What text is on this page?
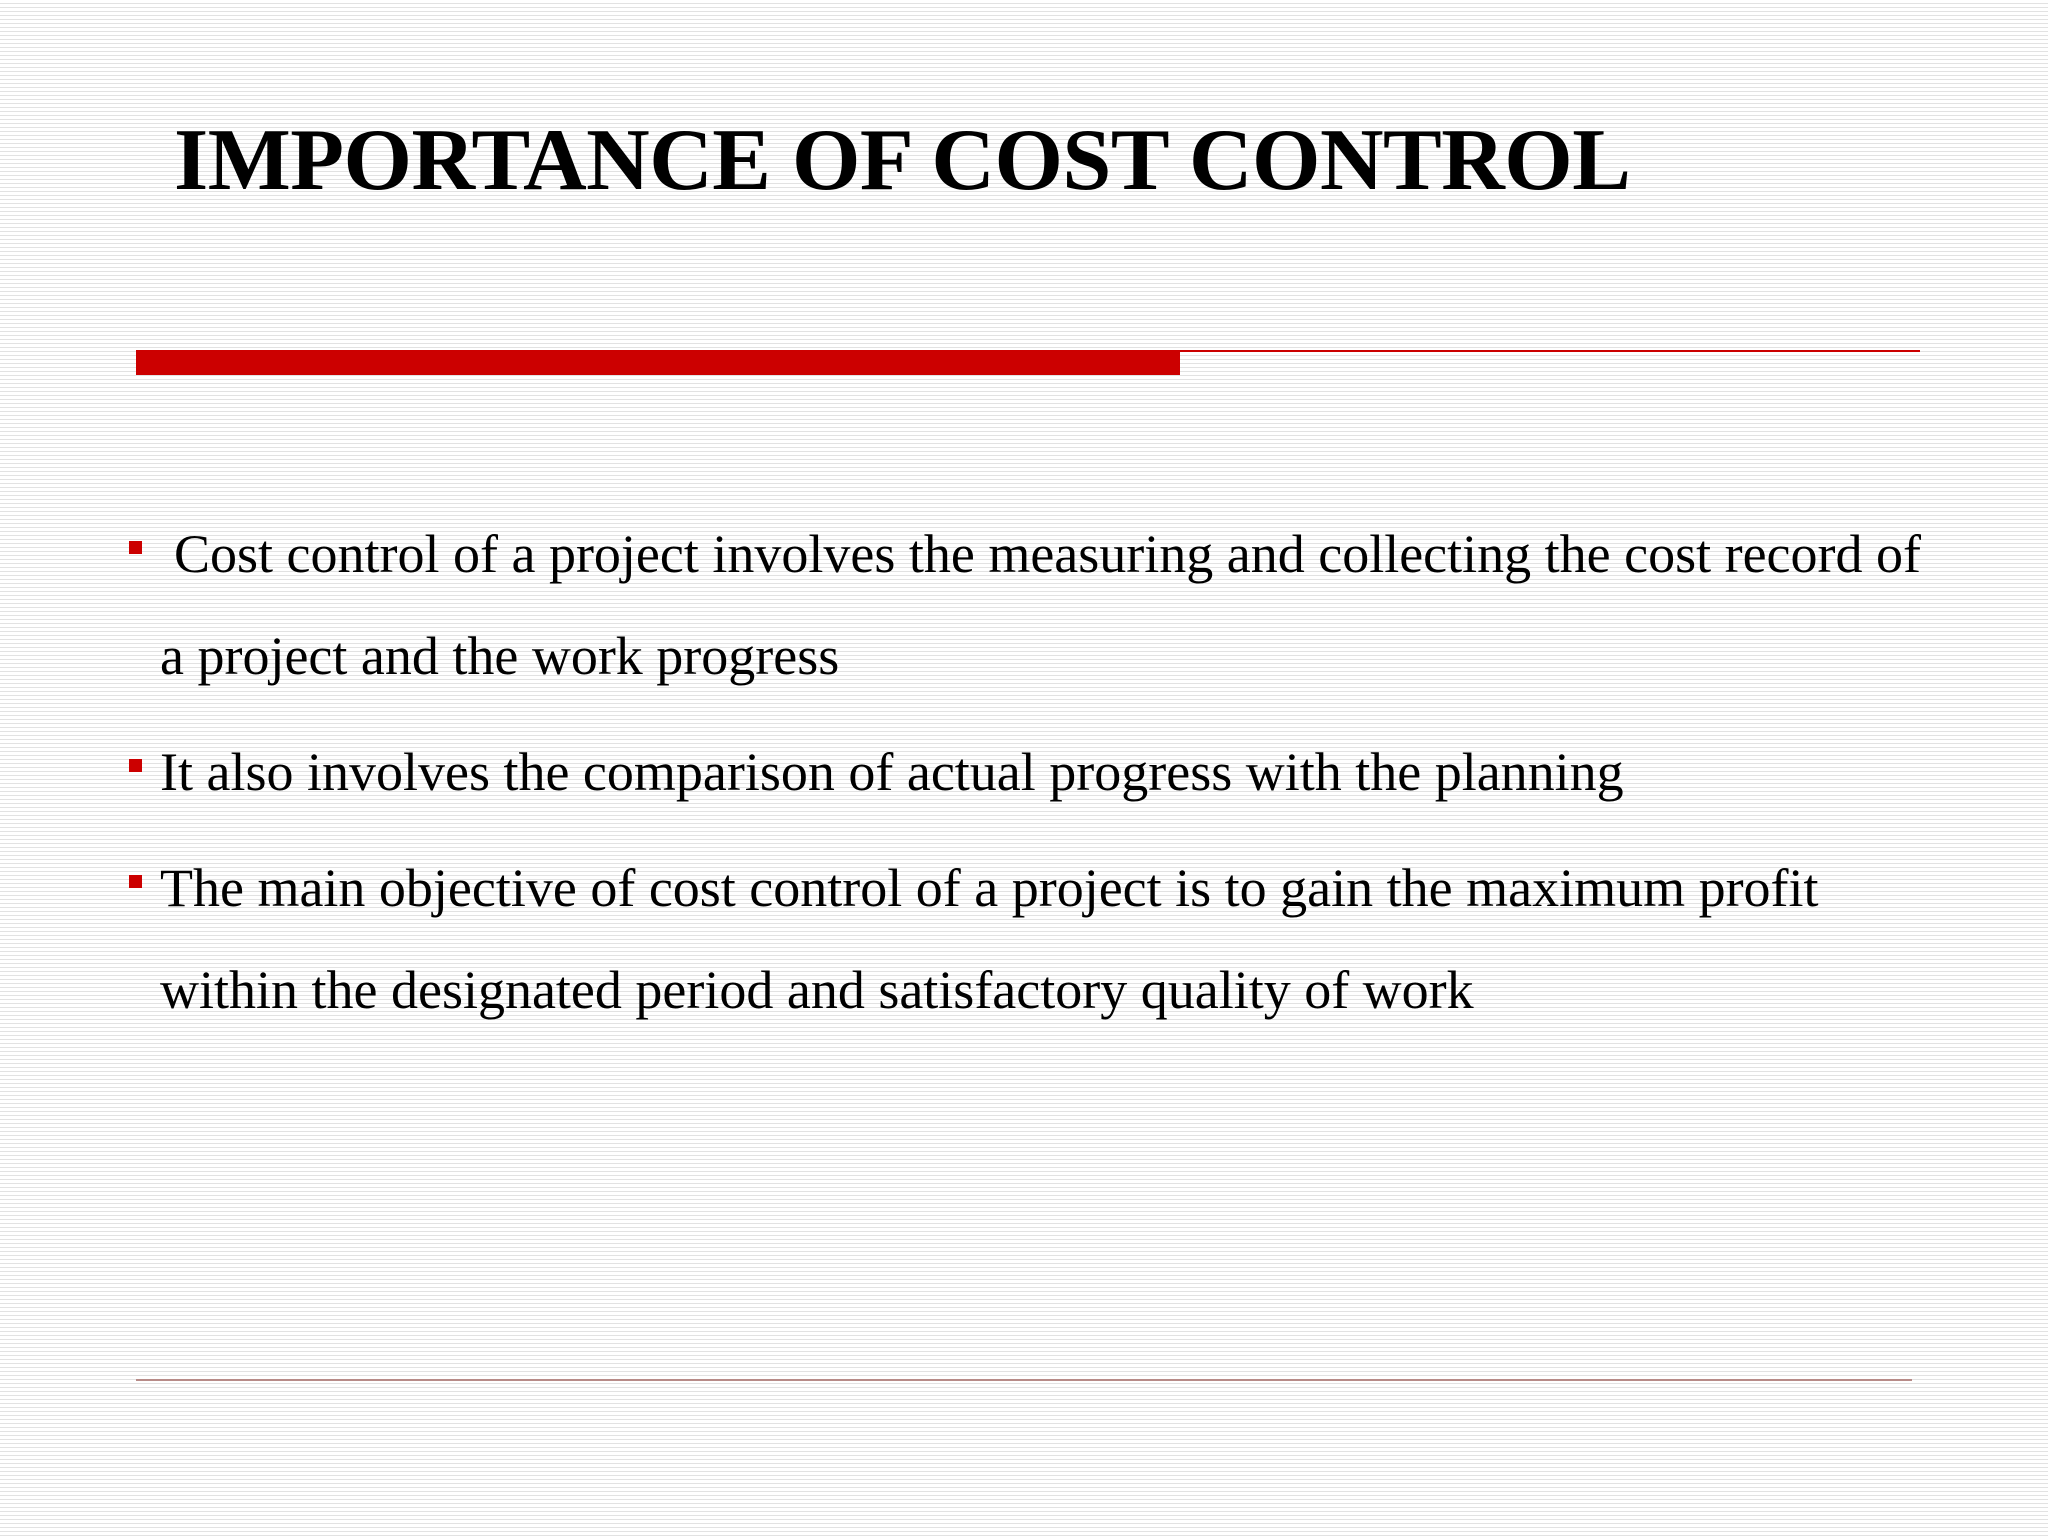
IMPORTANCE OF COST CONTROL
Cost control of a project involves the measuring and collecting the cost record of a project and the work progress
It also involves the comparison of actual progress with the planning
The main objective of cost control of a project is to gain the maximum profit within the designated period and satisfactory quality of work
